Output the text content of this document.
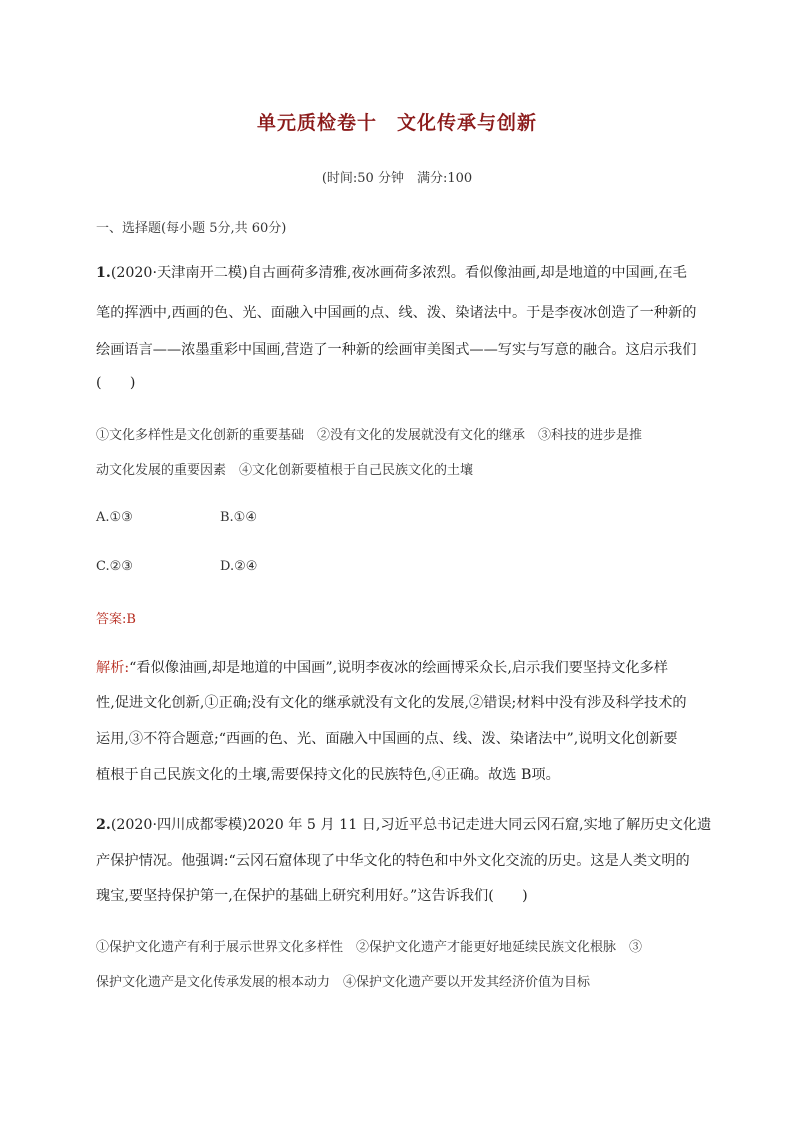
单元质检卷十　文化传承与创新
(时间:50 分钟　满分:100
一、选择题(每小题 5分,共 60分)
1.(2020·天津南开二模)自古画荷多清雅,夜冰画荷多浓烈。看似像油画,却是地道的中国画,在毛
笔的挥洒中,西画的色、光、面融入中国画的点、线、泼、染诸法中。于是李夜冰创造了一种新的
绘画语言——浓墨重彩中国画,营造了一种新的绘画审美图式——写实与写意的融合。这启示我们
(　　)
①文化多样性是文化创新的重要基础　②没有文化的发展就没有文化的继承　③科技的进步是推
动文化发展的重要因素　④文化创新要植根于自己民族文化的土壤
A.①③	B.①④
C.②③	D.②④
答案:B
解析:“看似像油画,却是地道的中国画”,说明李夜冰的绘画博采众长,启示我们要坚持文化多样
性,促进文化创新,①正确;没有文化的继承就没有文化的发展,②错误;材料中没有涉及科学技术的
运用,③不符合题意;“西画的色、光、面融入中国画的点、线、泼、染诸法中”,说明文化创新要
植根于自己民族文化的土壤,需要保持文化的民族特色,④正确。故选 B项。
2.(2020·四川成都零模)2020 年 5 月 11 日,习近平总书记走进大同云冈石窟,实地了解历史文化遗
产保护情况。他强调:“云冈石窟体现了中华文化的特色和中外文化交流的历史。这是人类文明的
瑰宝,要坚持保护第一,在保护的基础上研究利用好。”这告诉我们(　　)
①保护文化遗产有利于展示世界文化多样性　②保护文化遗产才能更好地延续民族文化根脉　③
保护文化遗产是文化传承发展的根本动力　④保护文化遗产要以开发其经济价值为目标
